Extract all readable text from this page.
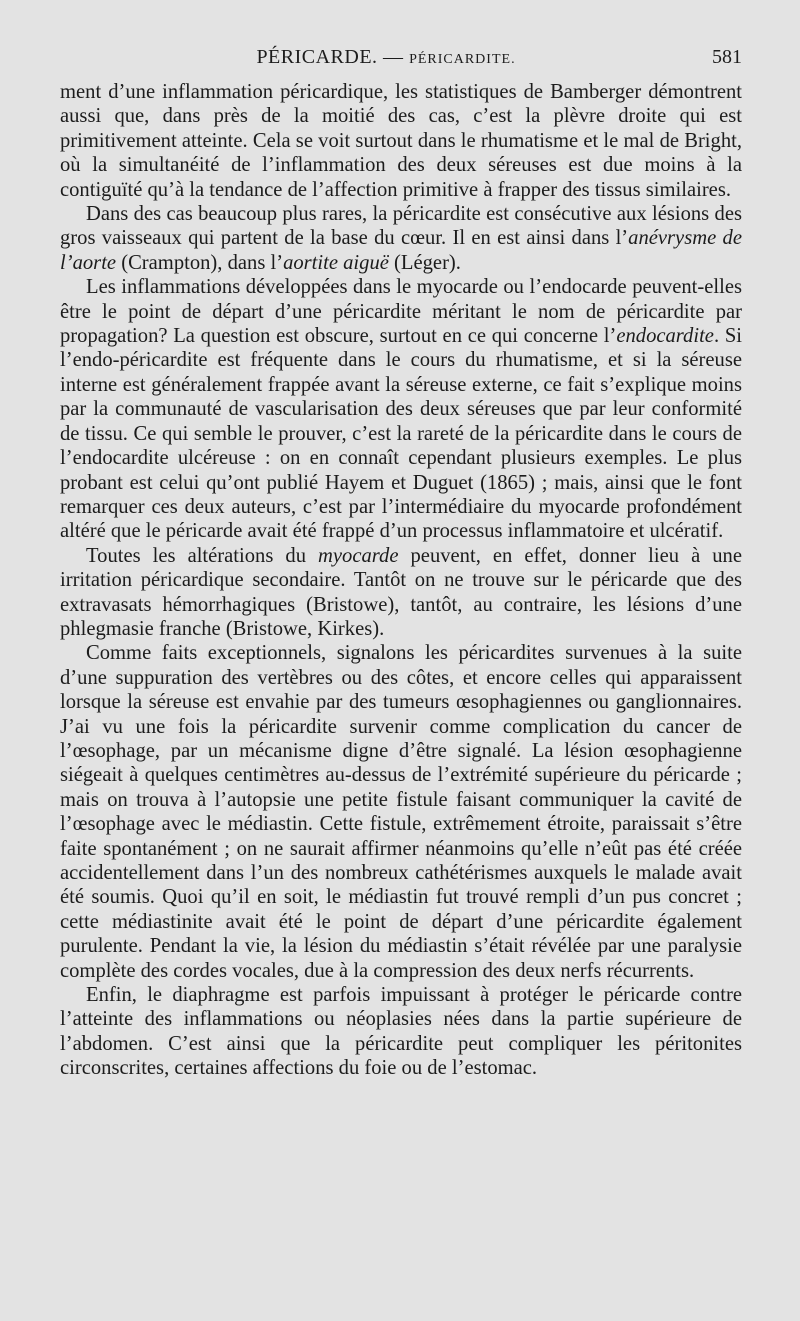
PÉRICARDE. — PÉRICARDITE.	581

ment d’une inflammation péricardique, les statistiques de Bamberger démontrent aussi que, dans près de la moitié des cas, c’est la plèvre droite qui est primitivement atteinte. Cela se voit surtout dans le rhumatisme et le mal de Bright, où la simultanéité de l’inflammation des deux séreuses est due moins à la contiguïté qu’à la tendance de l’affection primitive à frapper des tissus similaires.

Dans des cas beaucoup plus rares, la péricardite est consécutive aux lésions des gros vaisseaux qui partent de la base du cœur. Il en est ainsi dans l’anévrysme de l’aorte (Crampton), dans l’aortite aiguë (Léger).

Les inflammations développées dans le myocarde ou l’endocarde peuvent-elles être le point de départ d’une péricardite méritant le nom de péricardite par propagation? La question est obscure, surtout en ce qui concerne l’endocardite. Si l’endo-péricardite est fréquente dans le cours du rhumatisme, et si la séreuse interne est généralement frappée avant la séreuse externe, ce fait s’explique moins par la communauté de vascularisation des deux séreuses que par leur conformité de tissu. Ce qui semble le prouver, c’est la rareté de la péricardite dans le cours de l’endocardite ulcéreuse : on en connaît cependant plusieurs exemples. Le plus probant est celui qu’ont publié Hayem et Duguet (1865) ; mais, ainsi que le font remarquer ces deux auteurs, c’est par l’intermédiaire du myocarde profondément altéré que le péricarde avait été frappé d’un processus inflammatoire et ulcératif.

Toutes les altérations du myocarde peuvent, en effet, donner lieu à une irritation péricardique secondaire. Tantôt on ne trouve sur le péricarde que des extravasats hémorrhagiques (Bristowe), tantôt, au contraire, les lésions d’une phlegmasie franche (Bristowe, Kirkes).

Comme faits exceptionnels, signalons les péricardites survenues à la suite d’une suppuration des vertèbres ou des côtes, et encore celles qui apparaissent lorsque la séreuse est envahie par des tumeurs œsophagiennes ou ganglionnaires. J’ai vu une fois la péricardite survenir comme complication du cancer de l’œsophage, par un mécanisme digne d’être signalé. La lésion œsophagienne siégeait à quelques centimètres au-dessus de l’extrémité supérieure du péricarde ; mais on trouva à l’autopsie une petite fistule faisant communiquer la cavité de l’œsophage avec le médiastin. Cette fistule, extrêmement étroite, paraissait s’être faite spontanément ; on ne saurait affirmer néanmoins qu’elle n’eût pas été créée accidentellement dans l’un des nombreux cathétérismes auxquels le malade avait été soumis. Quoi qu’il en soit, le médiastin fut trouvé rempli d’un pus concret ; cette médiastinite avait été le point de départ d’une péricardite également purulente. Pendant la vie, la lésion du médiastin s’était révélée par une paralysie complète des cordes vocales, due à la compression des deux nerfs récurrents.

Enfin, le diaphragme est parfois impuissant à protéger le péricarde contre l’atteinte des inflammations ou néoplasies nées dans la partie supérieure de l’abdomen. C’est ainsi que la péricardite peut compliquer les péritonites circonscrites, certaines affections du foie ou de l’estomac.
